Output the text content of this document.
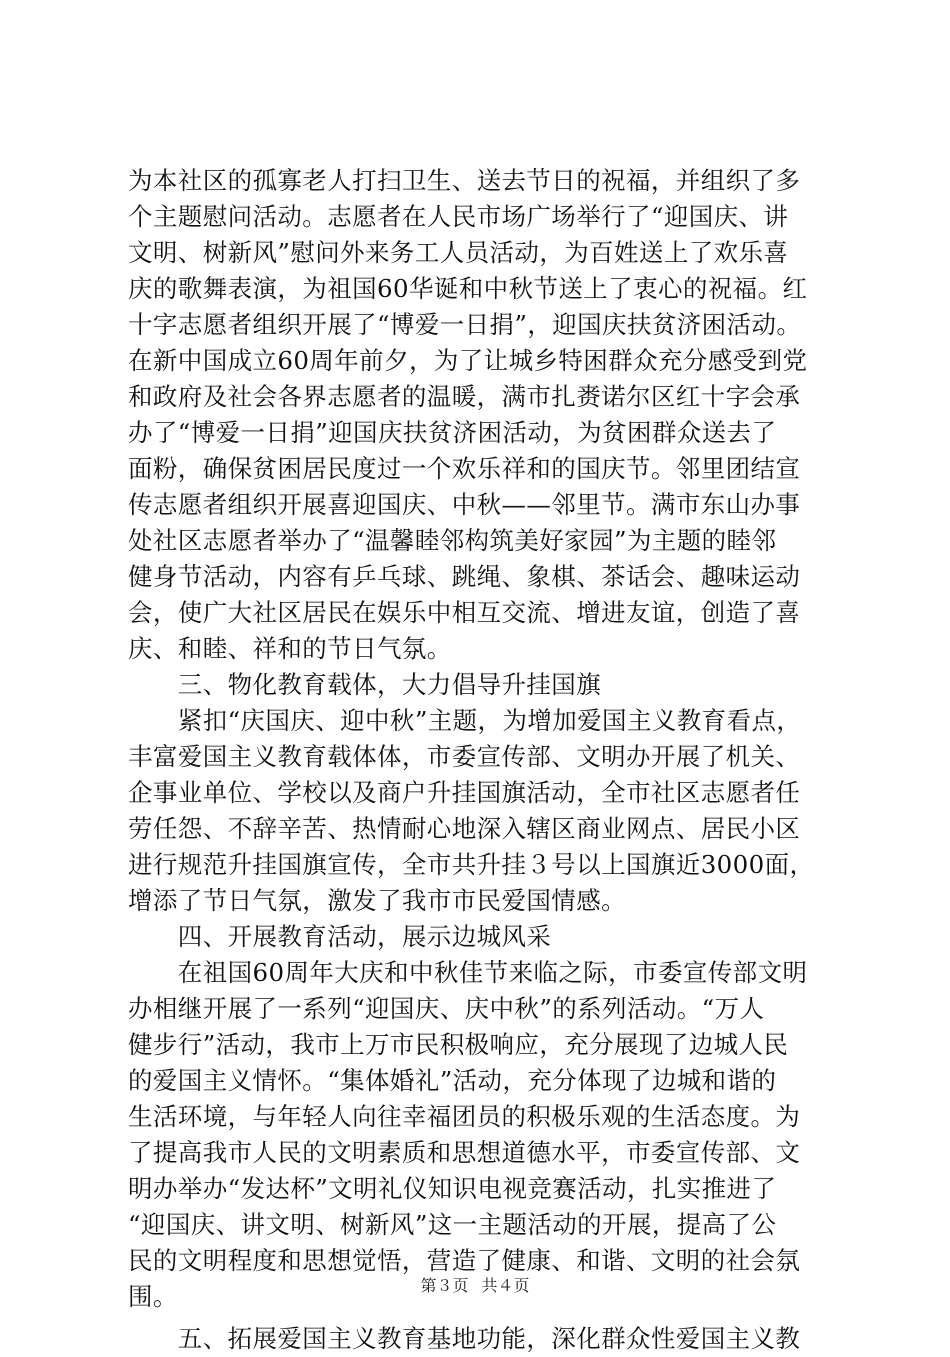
为本社区的孤寡老人打扫卫生、送去节日的祝福，并组织了多
个主题慰问活动。志愿者在人民市场广场举行了“迎国庆、讲
文明、树新风”慰问外来务工人员活动，为百姓送上了欢乐喜
庆的歌舞表演，为祖国60华诞和中秋节送上了衷心的祝福。红
十字志愿者组织开展了“博爱一日捐”，迎国庆扶贫济困活动。
在新中国成立60周年前夕，为了让城乡特困群众充分感受到党
和政府及社会各界志愿者的温暖，满市扎赉诺尔区红十字会承
办了“博爱一日捐”迎国庆扶贫济困活动，为贫困群众送去了
面粉，确保贫困居民度过一个欢乐祥和的国庆节。邻里团结宣
传志愿者组织开展喜迎国庆、中秋——邻里节。满市东山办事
处社区志愿者举办了“温馨睦邻构筑美好家园”为主题的睦邻
健身节活动，内容有乒乓球、跳绳、象棋、茶话会、趣味运动
会，使广大社区居民在娱乐中相互交流、增进友谊，创造了喜
庆、和睦、祥和的节日气氛。
　　三、物化教育载体，大力倡导升挂国旗
　　紧扣“庆国庆、迎中秋”主题，为增加爱国主义教育看点，
丰富爱国主义教育载体体，市委宣传部、文明办开展了机关、
企事业单位、学校以及商户升挂国旗活动，全市社区志愿者任
劳任怨、不辞辛苦、热情耐心地深入辖区商业网点、居民小区
进行规范升挂国旗宣传，全市共升挂３号以上国旗近3000面，
增添了节日气氛，激发了我市市民爱国情感。
　　四、开展教育活动，展示边城风采
　　在祖国60周年大庆和中秋佳节来临之际，市委宣传部文明
办相继开展了一系列“迎国庆、庆中秋”的系列活动。“万人
健步行”活动，我市上万市民积极响应，充分展现了边城人民
的爱国主义情怀。“集体婚礼”活动，充分体现了边城和谐的
生活环境，与年轻人向往幸福团员的积极乐观的生活态度。为
了提高我市人民的文明素质和思想道德水平，市委宣传部、文
明办举办“发达杯”文明礼仪知识电视竞赛活动，扎实推进了
“迎国庆、讲文明、树新风”这一主题活动的开展，提高了公
民的文明程度和思想觉悟，营造了健康、和谐、文明的社会氛
围。
　　五、拓展爱国主义教育基地功能，深化群众性爱国主义教
第３页 共４页
